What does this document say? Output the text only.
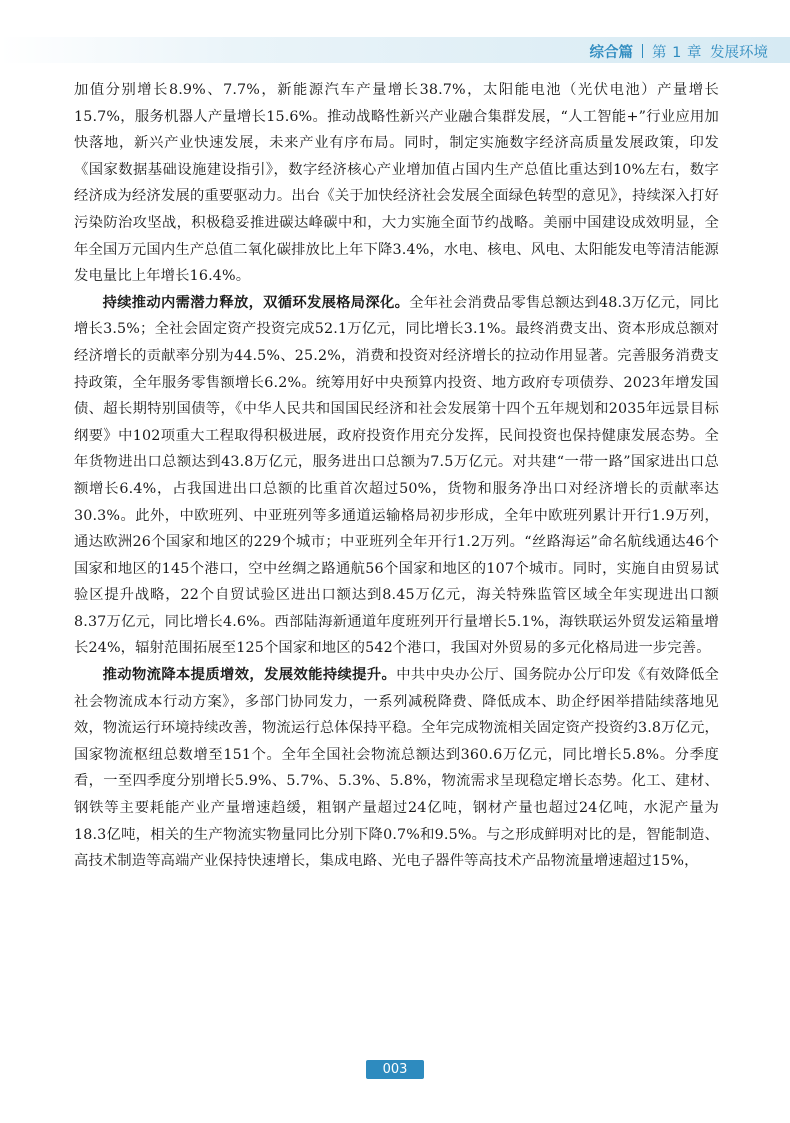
综合篇 第 1 章 发展环境

加值分别增长8.9%、7.7%，新能源汽车产量增长38.7%，太阳能电池（光伏电池）产量增长15.7%，服务机器人产量增长15.6%。推动战略性新兴产业融合集群发展，“人工智能+”行业应用加快落地，新兴产业快速发展，未来产业有序布局。同时，制定实施数字经济高质量发展政策，印发《国家数据基础设施建设指引》，数字经济核心产业增加值占国内生产总值比重达到10%左右，数字经济成为经济发展的重要驱动力。出台《关于加快经济社会发展全面绿色转型的意见》，持续深入打好污染防治攻坚战，积极稳妥推进碳达峰碳中和，大力实施全面节约战略。美丽中国建设成效明显，全年全国万元国内生产总值二氧化碳排放比上年下降3.4%，水电、核电、风电、太阳能发电等清洁能源发电量比上年增长16.4%。

持续推动内需潜力释放，双循环发展格局深化。全年社会消费品零售总额达到48.3万亿元，同比增长3.5%；全社会固定资产投资完成52.1万亿元，同比增长3.1%。最终消费支出、资本形成总额对经济增长的贡献率分别为44.5%、25.2%，消费和投资对经济增长的拉动作用显著。完善服务消费支持政策，全年服务零售额增长6.2%。统筹用好中央预算内投资、地方政府专项债券、2023年增发国债、超长期特别国债等，《中华人民共和国国民经济和社会发展第十四个五年规划和2035年远景目标纲要》中102项重大工程取得积极进展，政府投资作用充分发挥，民间投资也保持健康发展态势。全年货物进出口总额达到43.8万亿元，服务进出口总额为7.5万亿元。对共建“一带一路”国家进出口总额增长6.4%，占我国进出口总额的比重首次超过50%，货物和服务净出口对经济增长的贡献率达30.3%。此外，中欧班列、中亚班列等多通道运输格局初步形成，全年中欧班列累计开行1.9万列，通达欧洲26个国家和地区的229个城市；中亚班列全年开行1.2万列。“丝路海运”命名航线通达46个国家和地区的145个港口，空中丝绸之路通航56个国家和地区的107个城市。同时，实施自由贸易试验区提升战略，22个自贸试验区进出口额达到8.45万亿元，海关特殊监管区域全年实现进出口额8.37万亿元，同比增长4.6%。西部陆海新通道年度班列开行量增长5.1%，海铁联运外贸发运箱量增长24%，辐射范围拓展至125个国家和地区的542个港口，我国对外贸易的多元化格局进一步完善。

推动物流降本提质增效，发展效能持续提升。中共中央办公厅、国务院办公厅印发《有效降低全社会物流成本行动方案》，多部门协同发力，一系列减税降费、降低成本、助企纾困举措陆续落地见效，物流运行环境持续改善，物流运行总体保持平稳。全年完成物流相关固定资产投资约3.8万亿元，国家物流枢纽总数增至151个。全年全国社会物流总额达到360.6万亿元，同比增长5.8%。分季度看，一至四季度分别增长5.9%、5.7%、5.3%、5.8%，物流需求呈现稳定增长态势。化工、建材、钢铁等主要耗能产业产量增速趋缓，粗钢产量超过24亿吨，钢材产量也超过24亿吨，水泥产量为18.3亿吨，相关的生产物流实物量同比分别下降0.7%和9.5%。与之形成鲜明对比的是，智能制造、高技术制造等高端产业保持快速增长，集成电路、光电子器件等高技术产品物流量增速超过15%，

003
